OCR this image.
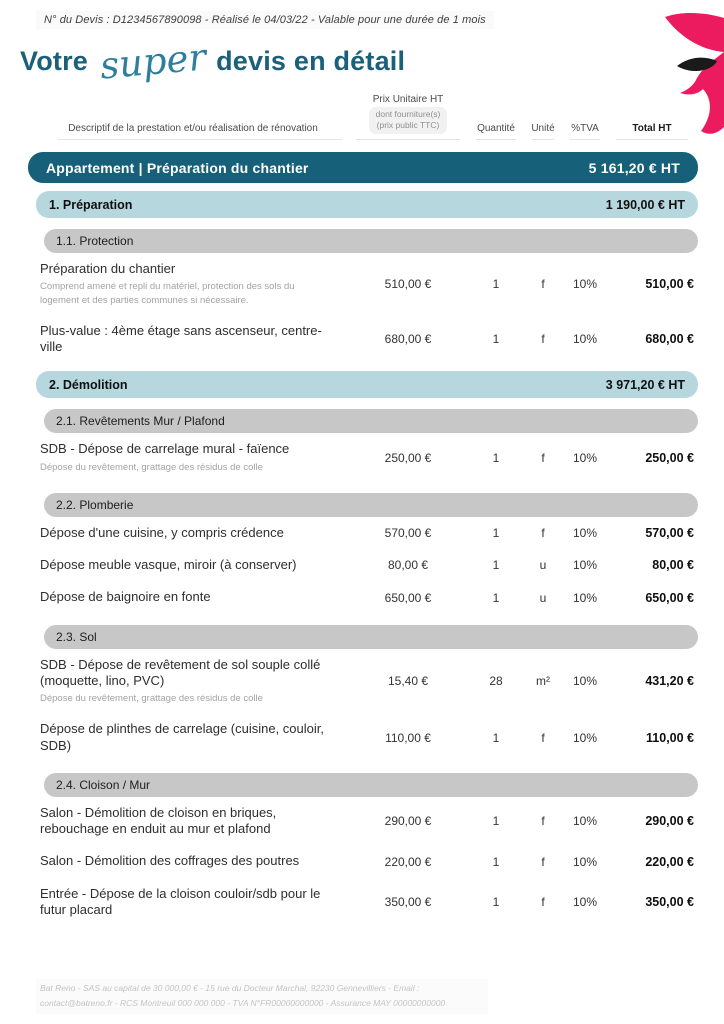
N° du Devis : D1234567890098 - Réalisé le 04/03/22 - Valable pour une durée de 1 mois
Votre super devis en détail
Descriptif de la prestation et/ou réalisation de rénovation
Prix Unitaire HT
dont fourniture(s)
(prix public TTC)	Quantité	Unité	%TVA	Total HT
Appartement | Préparation du chantier	5 161,20 € HT
1. Préparation	1 190,00 € HT
1.1. Protection
Préparation du chantier
Comprend amené et repli du matériel, protection des sols du logement et des parties communes si nécessaire.
510,00 €	1	f	10%	510,00 €
Plus-value : 4ème étage sans ascenseur, centre-ville	680,00 €	1	f	10%	680,00 €
2. Démolition	3 971,20 € HT
2.1. Revêtements Mur / Plafond
SDB - Dépose de carrelage mural - faïence
Dépose du revêtement, grattage des résidus de colle
250,00 €	1	f	10%	250,00 €
2.2. Plomberie
Dépose d'une cuisine, y compris crédence	570,00 €	1	f	10%	570,00 €
Dépose meuble vasque, miroir (à conserver)	80,00 €	1	u	10%	80,00 €
Dépose de baignoire en fonte	650,00 €	1	u	10%	650,00 €
2.3. Sol
SDB - Dépose de revêtement de sol souple collé (moquette, lino, PVC)
Dépose du revêtement, grattage des résidus de colle
15,40 €	28	m²	10%	431,20 €
Dépose de plinthes de carrelage (cuisine, couloir, SDB)	110,00 €	1	f	10%	110,00 €
2.4. Cloison / Mur
Salon - Démolition de cloison en briques, rebouchage en enduit au mur et plafond	290,00 €	1	f	10%	290,00 €
Salon - Démolition des coffrages des poutres	220,00 €	1	f	10%	220,00 €
Entrée - Dépose de la cloison couloir/sdb pour le futur placard	350,00 €	1	f	10%	350,00 €
Bat Reno - SAS au capital de 30 000,00 € - 15 rue du Docteur Marchal, 92230 Gennevilliers - Email : contact@batreno.fr - RCS Montreuil 000 000 000 - TVA N°FR00000000000 - Assurance MAY 00000000000
